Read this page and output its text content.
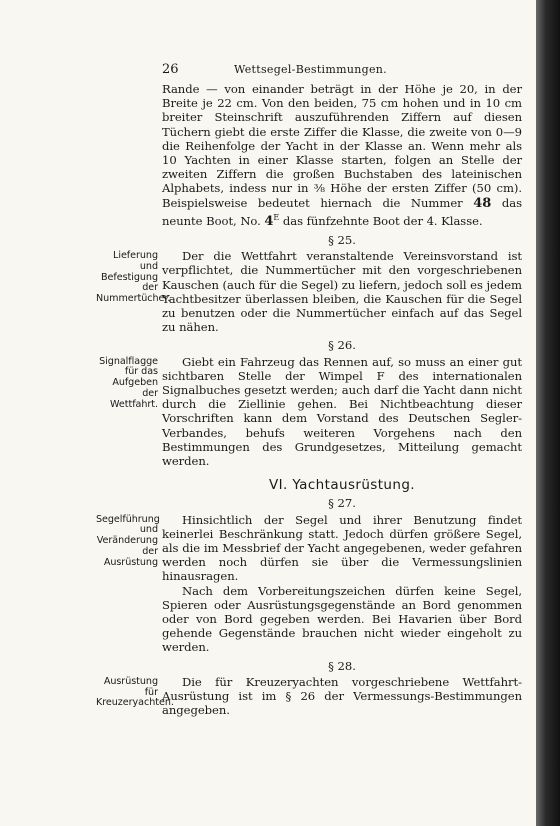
26	Wettsegel-Bestimmungen.

Rande — von einander beträgt in der Höhe je 20, in der Breite je 22 cm. Von den beiden, 75 cm hohen und in 10 cm breiter Steinschrift auszuführenden Ziffern auf diesen Tüchern giebt die erste Ziffer die Klasse, die zweite von 0—9 die Reihenfolge der Yacht in der Klasse an. Wenn mehr als 10 Yachten in einer Klasse starten, folgen an Stelle der zweiten Ziffern die großen Buchstaben des lateinischen Alphabets, indess nur in ⅜ Höhe der ersten Ziffer (50 cm). Beispielsweise bedeutet hiernach die Nummer 48 das neunte Boot, No. $4^E$ das fünfzehnte Boot der 4. Klasse.

§ 25.
Lieferung und Befestigung der Nummertücher.

Der die Wettfahrt veranstaltende Vereinsvorstand ist verpflichtet, die Nummertücher mit den vorgeschriebenen Kauschen (auch für die Segel) zu liefern, jedoch soll es jedem Yachtbesitzer überlassen bleiben, die Kauschen für die Segel zu benutzen oder die Nummertücher einfach auf das Segel zu nähen.

§ 26.
Signalflagge für das Aufgeben der Wettfahrt.

Giebt ein Fahrzeug das Rennen auf, so muss an einer gut sichtbaren Stelle der Wimpel F des internationalen Signalbuches gesetzt werden; auch darf die Yacht dann nicht durch die Ziellinie gehen. Bei Nichtbeachtung dieser Vorschriften kann dem Vorstand des Deutschen Segler-Verbandes, behufs weiteren Vorgehens nach den Bestimmungen des Grundgesetzes, Mitteilung gemacht werden.

VI. Yachtausrüstung.
§ 27.
Segelführung und Veränderung der Ausrüstung

Hinsichtlich der Segel und ihrer Benutzung findet keinerlei Beschränkung statt. Jedoch dürfen größere Segel, als die im Messbrief der Yacht angegebenen, weder gefahren werden noch dürfen sie über die Vermessungslinien hinausragen.

Nach dem Vorbereitungszeichen dürfen keine Segel, Spieren oder Ausrüstungsgegenstände an Bord genommen oder von Bord gegeben werden. Bei Havarien über Bord gehende Gegenstände brauchen nicht wieder eingeholt zu werden.

§ 28.
Ausrüstung für Kreuzeryachten.

Die für Kreuzeryachten vorgeschriebene Wettfahrt-Ausrüstung ist im § 26 der Vermessungs-Bestimmungen angegeben.
